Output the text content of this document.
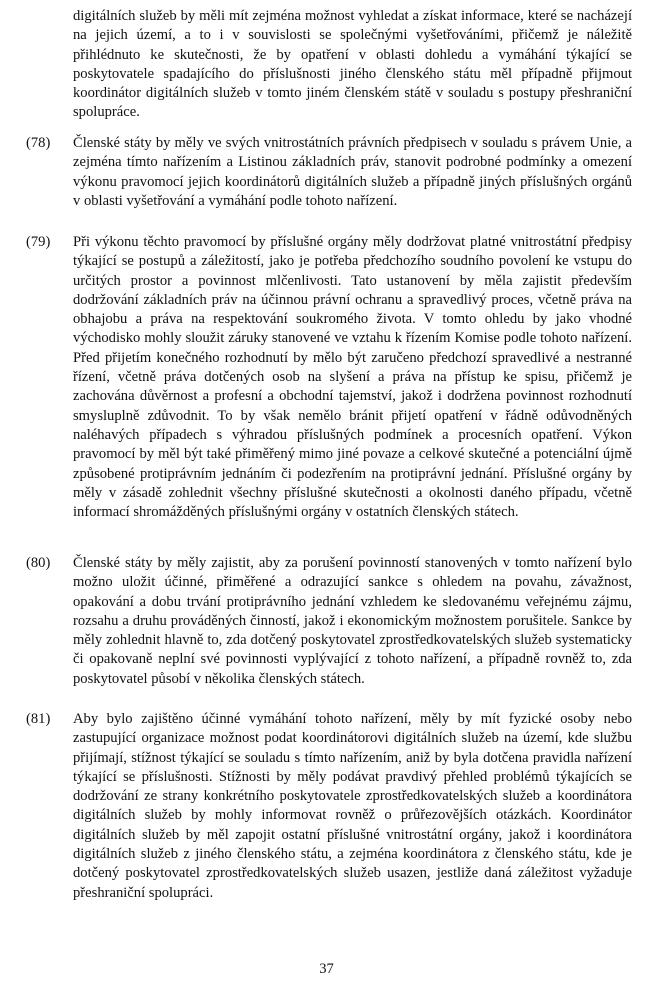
digitálních služeb by měli mít zejména možnost vyhledat a získat informace, které se nacházejí na jejich území, a to i v souvislosti se společnými vyšetřováními, přičemž je náležitě přihlédnuto ke skutečnosti, že by opatření v oblasti dohledu a vymáhání týkající se poskytovatele spadajícího do příslušnosti jiného členského státu měl případně přijmout koordinátor digitálních služeb v tomto jiném členském státě v souladu s postupy přeshraniční spolupráce.
(78)	Členské státy by měly ve svých vnitrostátních právních předpisech v souladu s právem Unie, a zejména tímto nařízením a Listinou základních práv, stanovit podrobné podmínky a omezení výkonu pravomocí jejich koordinátorů digitálních služeb a případně jiných příslušných orgánů v oblasti vyšetřování a vymáhání podle tohoto nařízení.
(79)	Při výkonu těchto pravomocí by příslušné orgány měly dodržovat platné vnitrostátní předpisy týkající se postupů a záležitostí, jako je potřeba předchozího soudního povolení ke vstupu do určitých prostor a povinnost mlčenlivosti. Tato ustanovení by měla zajistit především dodržování základních práv na účinnou právní ochranu a spravedlivý proces, včetně práva na obhajobu a práva na respektování soukromého života. V tomto ohledu by jako vhodné východisko mohly sloužit záruky stanovené ve vztahu k řízením Komise podle tohoto nařízení. Před přijetím konečného rozhodnutí by mělo být zaručeno předchozí spravedlivé a nestranné řízení, včetně práva dotčených osob na slyšení a práva na přístup ke spisu, přičemž je zachována důvěrnost a profesní a obchodní tajemství, jakož i dodržena povinnost rozhodnutí smysluplně zdůvodnit. To by však nemělo bránit přijetí opatření v řádně odůvodněných naléhavých případech s výhradou příslušných podmínek a procesních opatření. Výkon pravomocí by měl být také přiměřený mimo jiné povaze a celkové skutečné a potenciální újmě způsobené protiprávním jednáním či podezřením na protiprávní jednání. Příslušné orgány by měly v zásadě zohlednit všechny příslušné skutečnosti a okolnosti daného případu, včetně informací shromážděných příslušnými orgány v ostatních členských státech.
(80)	Členské státy by měly zajistit, aby za porušení povinností stanovených v tomto nařízení bylo možno uložit účinné, přiměřené a odrazující sankce s ohledem na povahu, závažnost, opakování a dobu trvání protiprávního jednání vzhledem ke sledovanému veřejnému zájmu, rozsahu a druhu prováděných činností, jakož i ekonomickým možnostem porušitele. Sankce by měly zohlednit hlavně to, zda dotčený poskytovatel zprostředkovatelských služeb systematicky či opakovaně neplní své povinnosti vyplývající z tohoto nařízení, a případně rovněž to, zda poskytovatel působí v několika členských státech.
(81)	Aby bylo zajištěno účinné vymáhání tohoto nařízení, měly by mít fyzické osoby nebo zastupující organizace možnost podat koordinátorovi digitálních služeb na území, kde službu přijímají, stížnost týkající se souladu s tímto nařízením, aniž by byla dotčena pravidla nařízení týkající se příslušnosti. Stížnosti by měly podávat pravdivý přehled problémů týkajících se dodržování ze strany konkrétního poskytovatele zprostředkovatelských služeb a koordinátora digitálních služeb by mohly informovat rovněž o průřezovějších otázkách. Koordinátor digitálních služeb by měl zapojit ostatní příslušné vnitrostátní orgány, jakož i koordinátora digitálních služeb z jiného členského státu, a zejména koordinátora z členského státu, kde je dotčený poskytovatel zprostředkovatelských služeb usazen, jestliže daná záležitost vyžaduje přeshraniční spolupráci.
37
